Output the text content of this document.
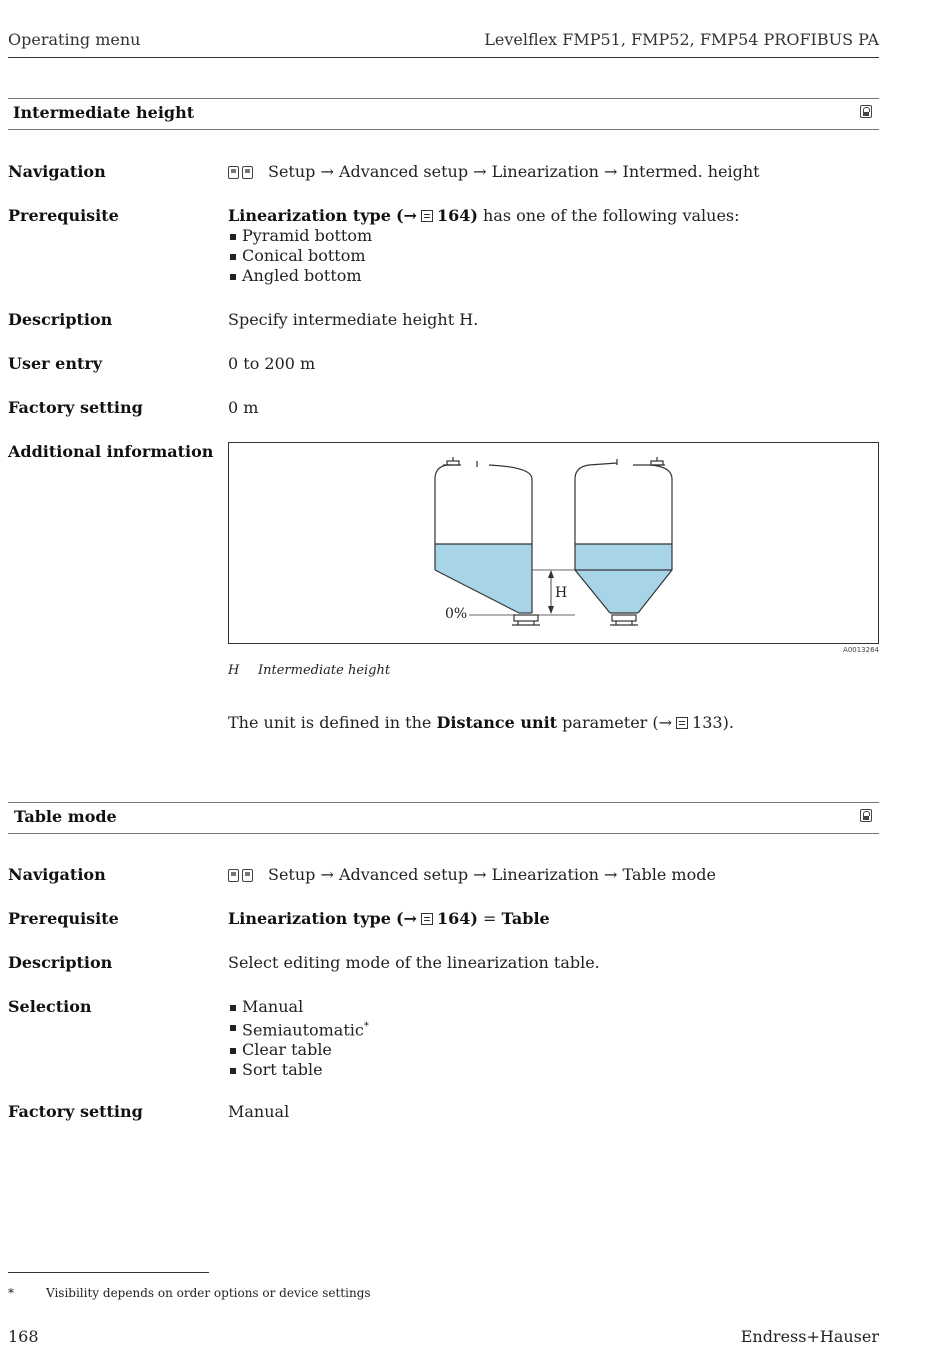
Operating menu	Levelflex FMP51, FMP52, FMP54 PROFIBUS PA
Intermediate height
Navigation	Setup → Advanced setup → Linearization → Intermed. height
Prerequisite	Linearization type (→ 164) has one of the following values:
Pyramid bottom
Conical bottom
Angled bottom
Description	Specify intermediate height H.
User entry	0 to 200 m
Factory setting	0 m
Additional information
0%
H
A0013264
H Intermediate height
The unit is defined in the Distance unit parameter (→ 133).
Table mode
Navigation	Setup → Advanced setup → Linearization → Table mode
Prerequisite	Linearization type (→ 164) = Table
Description	Select editing mode of the linearization table.
Selection	Manual
Semiautomatic*
Clear table
Sort table
Factory setting	Manual
*	Visibility depends on order options or device settings
168	Endress+Hauser
